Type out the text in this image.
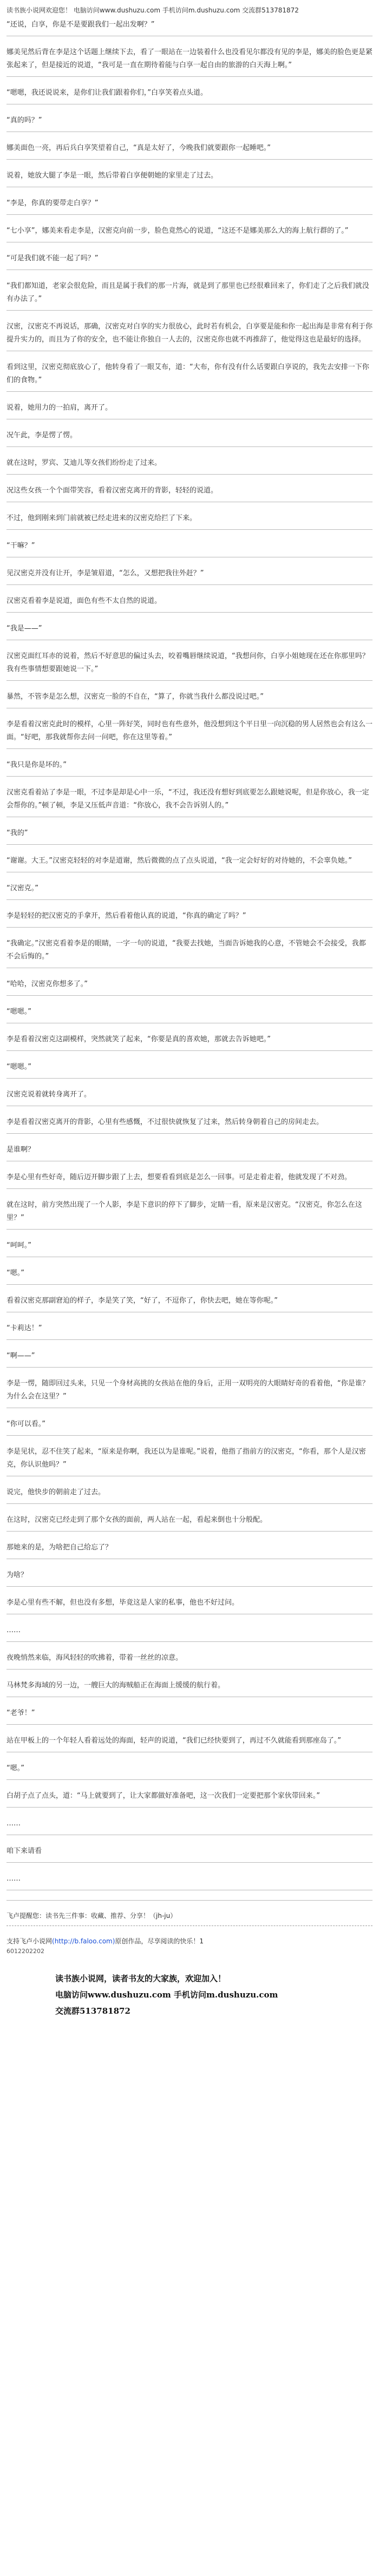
读书族小说网欢迎您！ 电脑访问www.dushuzu.com 手机访问m.dushuzu.com 交流群513781872

“还说，白享，你是不是要跟我们一起出发啊？”

娜美见然后背在李是这个话题上继续下去，看了一眼站在一边装着什么也没看见尔都没有见的李是，娜美的脸色更是紧张起来了，但是接近的说道，“我可是一直在期待着能与白享一起自由的旅游的白天海上啊。”

“嗯嗯，我还说说来，是你们让我们跟着你们，”白享笑着点头道。

“真的吗？”

娜美面色一亮，再后兵白享笑望着自己，“真是太好了，今晚我们就要跟你一起睡吧。”

说着，她放大腿了李是一眼，然后带着白享便朝她的家里走了过去。

“李是，你真的要带走白享？”

“七小享”，娜美来看走李是，汉密克向前一步，脸色竟然心的说道，“这还不是娜美那么大的海上航行群的了。”

“可是我们就不能一起了吗？”

“我们都知道，老家会很危险，而且是属于我们的那一片海，就是到了那里也已经很难回来了，你们走了之后我们就没有办法了。”

汉密，汉密克不再说话，那确，汉密克对白享的实力很放心，此时若有机会，白享要是能和你一起出海是非常有利于你提升实力的，而且为了你的安全，也不能让你独自一人去的，汉密克你也就不再推辞了，他觉得这也是最好的选择。

看到这里，汉密克彻底放心了，他转身看了一眼艾布，道：“大布，你有没有什么话要跟白享说的，我先去安排一下你们的食物。”

说着，她用力的一拍肩，离开了。

况午此，李是愣了愣。

就在这时，罗宾、艾迪儿等女孩们纷纷走了过来。

况这些女孩一个个面带笑容，看着汉密克离开的背影，轻轻的说道。

不过，他到刚来到门前就被已经走进来的汉密克给拦了下来。

“干嘛？”

见汉密克并没有让开，李是皱眉道，“怎么，又想把我往外赶？”

汉密克看着李是说道，面色有些不太自然的说道。

“我是——”

汉密克面红耳赤的说着，然后不好意思的偏过头去，咬着嘴唇继续说道，“我想问你，白享小姐她现在还在你那里吗？我有些事情想要跟她说一下。”

暴然，不管李是怎么想，汉密克一脸的不自在，“算了，你就当我什么都没说过吧。”

李是看着汉密克此时的模样，心里一阵好笑，同时也有些意外，他没想到这个平日里一向沉稳的男人居然也会有这么一面。“好吧，那我就帮你去问一问吧，你在这里等着。”

“我只是你是坏的。”

汉密克看着站了李是一眼，不过李是却是心中一乐，“不过，我还没有想好到底要怎么跟她说呢，但是你放心，我一定会帮你的。”顿了顿，李是又压低声音道：“你放心，我不会告诉别人的。”

“我的”

“谢谢。大王。”汉密克轻轻的对李是道谢，然后微微的点了点头说道，“我一定会好好的对待她的，不会辜负她。”

“汉密克。”

李是轻轻的把汉密克的手拿开，然后看着他认真的说道，“你真的确定了吗？”

“我确定。”汉密克看着李是的眼睛，一字一句的说道，“我要去找她，当面告诉她我的心意，不管她会不会接受，我都不会后悔的。”

“哈哈，汉密克你想多了。”

“嗯嗯。”

李是看着汉密克这副模样，突然就笑了起来，“你要是真的喜欢她，那就去告诉她吧。”

“嗯嗯。”

汉密克说着就转身离开了。

李是看着汉密克离开的背影，心里有些感慨，不过很快就恢复了过来，然后转身朝着自己的房间走去。

是谁啊？

李是心里有些好奇，随后迈开脚步跟了上去，想要看看到底是怎么一回事。可是走着走着，他就发现了不对劲。

就在这时，前方突然出现了一个人影，李是下意识的停下了脚步，定睛一看，原来是汉密克。“汉密克，你怎么在这里？”

“呵呵。”

“嗯。”

看着汉密克那副窘迫的样子，李是笑了笑，“好了，不逗你了，你快去吧，她在等你呢。”

“卡莉达！”

“啊——”

李是一愣，随即回过头来，只见一个身材高挑的女孩站在他的身后，正用一双明亮的大眼睛好奇的看着他，“你是谁？为什么会在这里？”

“你可以看。”

李是见状，忍不住笑了起来，“原来是你啊，我还以为是谁呢。”说着，他指了指前方的汉密克，“你看，那个人是汉密克，你认识他吗？”

说完，他快步的朝前走了过去。

在这时，汉密克已经走到了那个女孩的面前，两人站在一起，看起来倒也十分般配。

那她来的是，为啥把自己给忘了？

为啥？

李是心里有些不解，但也没有多想，毕竟这是人家的私事，他也不好过问。

……

夜晚悄然来临，海风轻轻的吹拂着，带着一丝丝的凉意。

马林梵多海域的另一边，一艘巨大的海贼船正在海面上缓缓的航行着。

“老爷！”

站在甲板上的一个年轻人看着远处的海面，轻声的说道，“我们已经快要到了，再过不久就能看到那座岛了。”

“嗯。”

白胡子点了点头，道：“马上就要到了，让大家都做好准备吧，这一次我们一定要把那个家伙带回来。”

……

咱下来请看

……

飞卢提醒您：读书先三件事：收藏、推荐、分享！（jh-ju）

支持飞卢小说网(http://b.faloo.com)原创作品，尽享阅读的快乐！1

6012202202

读书族小说网，读者书友的大家族，欢迎加入！
电脑访问www.dushuzu.com 手机访问m.dushuzu.com
交流群513781872
